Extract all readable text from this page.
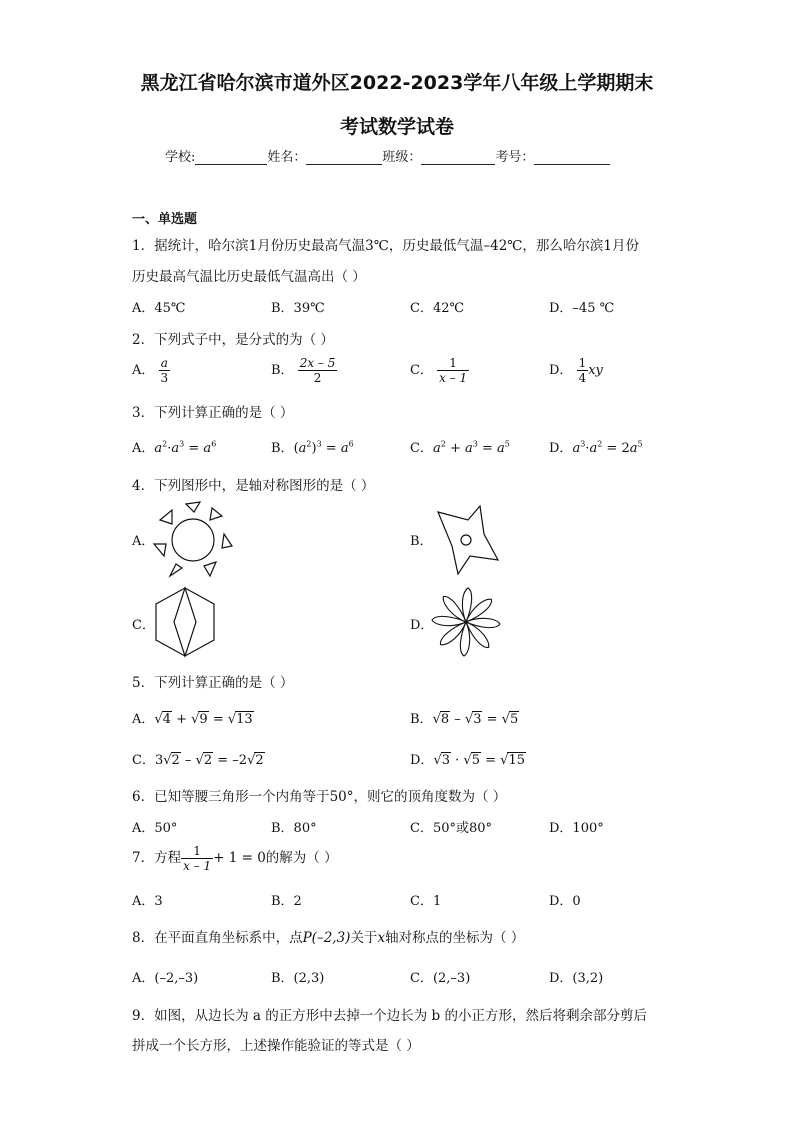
黑龙江省哈尔滨市道外区2022-2023学年八年级上学期期末
考试数学试卷
学校:	姓名：	班级：	考号：
一、单选题
1．据统计，哈尔滨1月份历史最高气温3℃，历史最低气温–42℃，那么哈尔滨1月份
历史最高气温比历史最低气温高出（ ）
A．45℃	B．39℃	C．42℃	D．–45 ℃
2．下列式子中，是分式的为（ ）
A． $\frac{a}{3}$	B． $\frac{2x - 5}{2}$	C． $\frac{1}{x - 1}$	D． $\frac{1}{4}$ xy
3．下列计算正确的是（ ）
A．$a^2\cdot a^3 = a^6$	B．$(a^2)^3 = a^6$	C．$a^2 + a^3 = a^5$	D．$a^3\cdot a^2 = 2a^5$
4．下列图形中，是轴对称图形的是（ ）
A．	B．
C．	D．
5．下列计算正确的是（ ）
A．√4 + √9 = √13	B．√8 – √3 = √5
C．3√2 – √2 = –2√2	D．√3 · √5 = √15
6．已知等腰三角形一个内角等于50°，则它的顶角度数为（ ）
A．50°	B．80°	C．50°或80°	D．100°
7．方程 $\frac{1}{x - 1} + 1 = 0$的解为（ ）
A．3	B．2	C．1	D．0
8．在平面直角坐标系中，点P(–2,3)关于x轴对称点的坐标为（ ）
A．(–2,–3)	B．(2,3)	C．(2,–3)	D．(3,2)
9．如图，从边长为 a 的正方形中去掉一个边长为 b 的小正方形，然后将剩余部分剪后
拼成一个长方形，上述操作能验证的等式是（ ）
